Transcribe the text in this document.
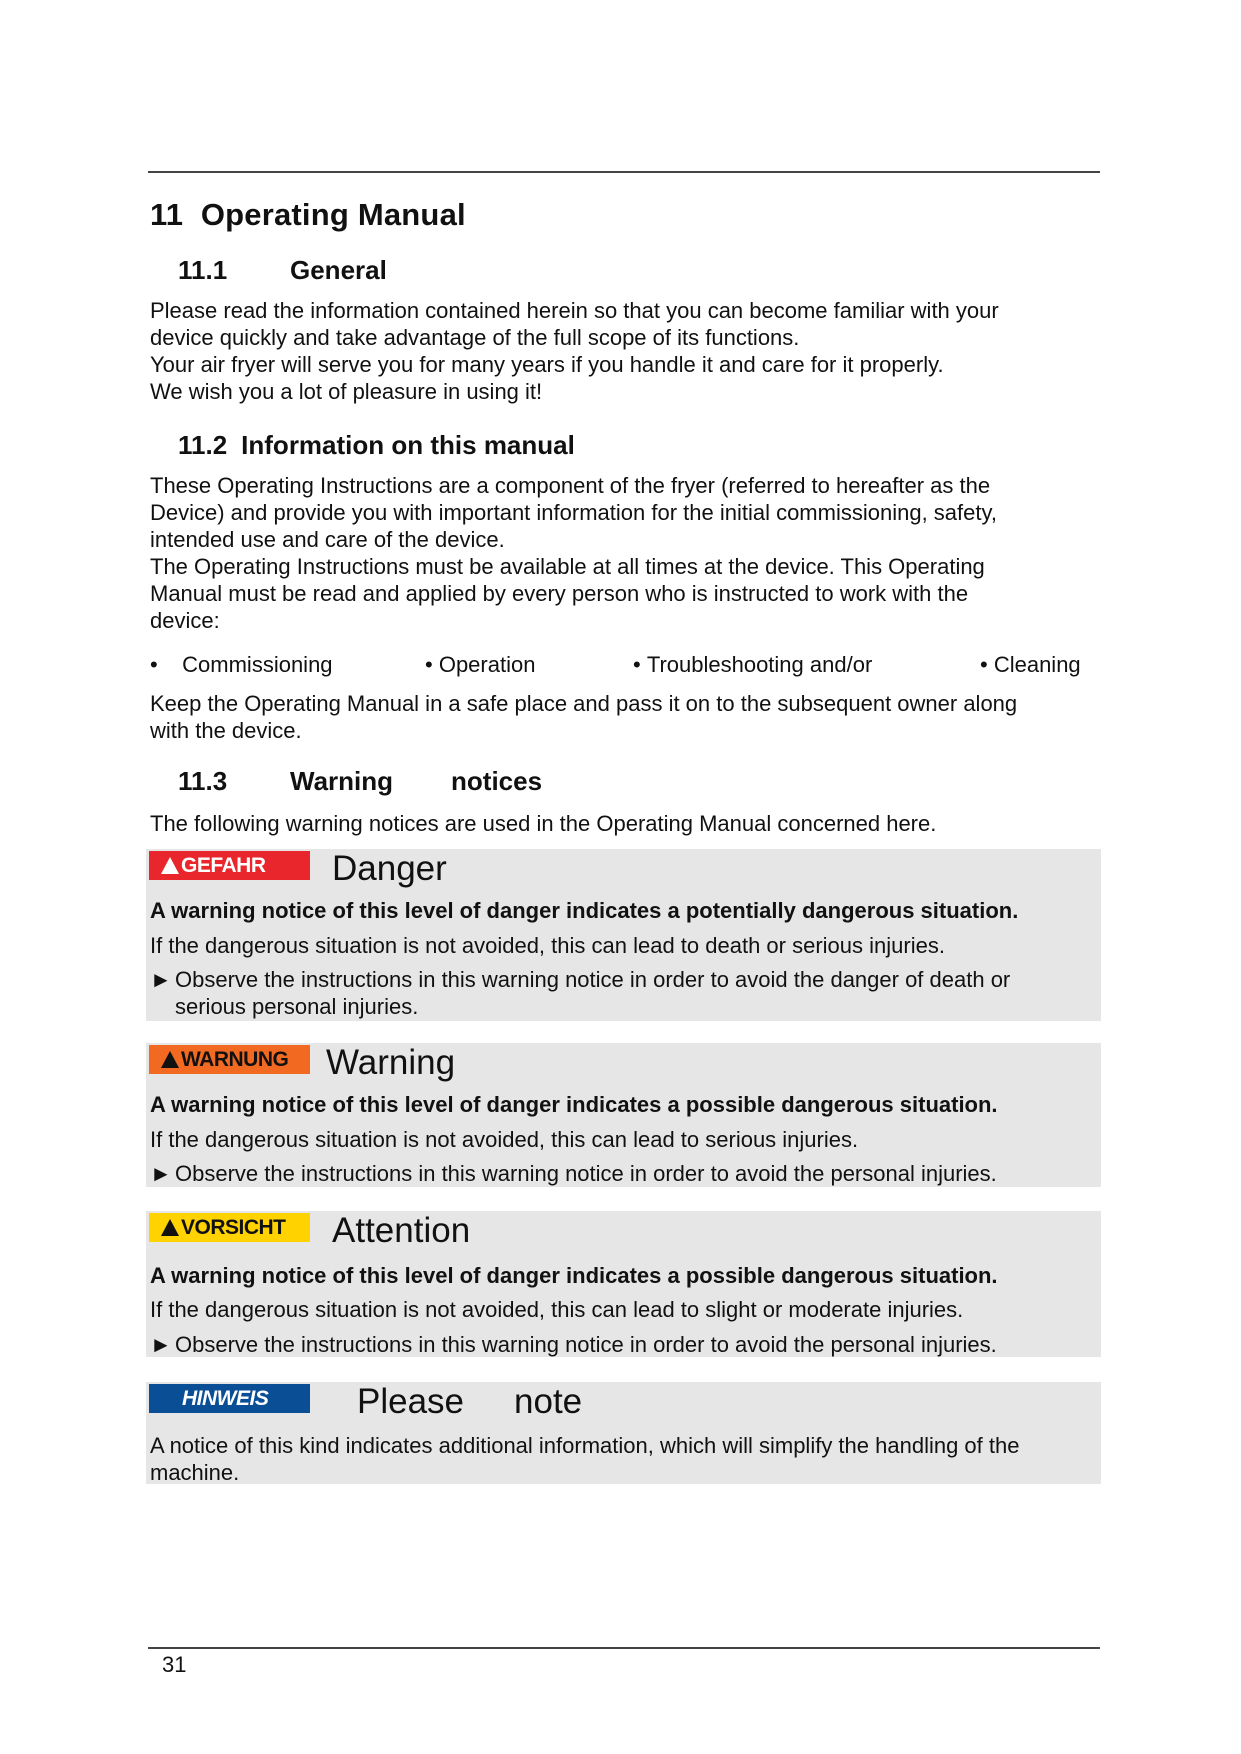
11 Operating Manual
11.1 General
Please read the information contained herein so that you can become familiar with your
device quickly and take advantage of the full scope of its functions.
Your air fryer will serve you for many years if you handle it and care for it properly.
We wish you a lot of pleasure in using it!
11.2 Information on this manual
These Operating Instructions are a component of the fryer (referred to hereafter as the
Device) and provide you with important information for the initial commissioning, safety,
intended use and care of the device.
The Operating Instructions must be available at all times at the device. This Operating
Manual must be read and applied by every person who is instructed to work with the
device:
• Commissioning	• Operation	• Troubleshooting and/or	• Cleaning
Keep the Operating Manual in a safe place and pass it on to the subsequent owner along
with the device.
11.3 Warning notices
The following warning notices are used in the Operating Manual concerned here.
GEFAHR Danger
A warning notice of this level of danger indicates a potentially dangerous situation.
If the dangerous situation is not avoided, this can lead to death or serious injuries.
► Observe the instructions in this warning notice in order to avoid the danger of death or
serious personal injuries.
WARNUNG Warning
A warning notice of this level of danger indicates a possible dangerous situation.
If the dangerous situation is not avoided, this can lead to serious injuries.
► Observe the instructions in this warning notice in order to avoid the personal injuries.
VORSICHT Attention
A warning notice of this level of danger indicates a possible dangerous situation.
If the dangerous situation is not avoided, this can lead to slight or moderate injuries.
► Observe the instructions in this warning notice in order to avoid the personal injuries.
HINWEIS	Please note
A notice of this kind indicates additional information, which will simplify the handling of the
machine.
31
